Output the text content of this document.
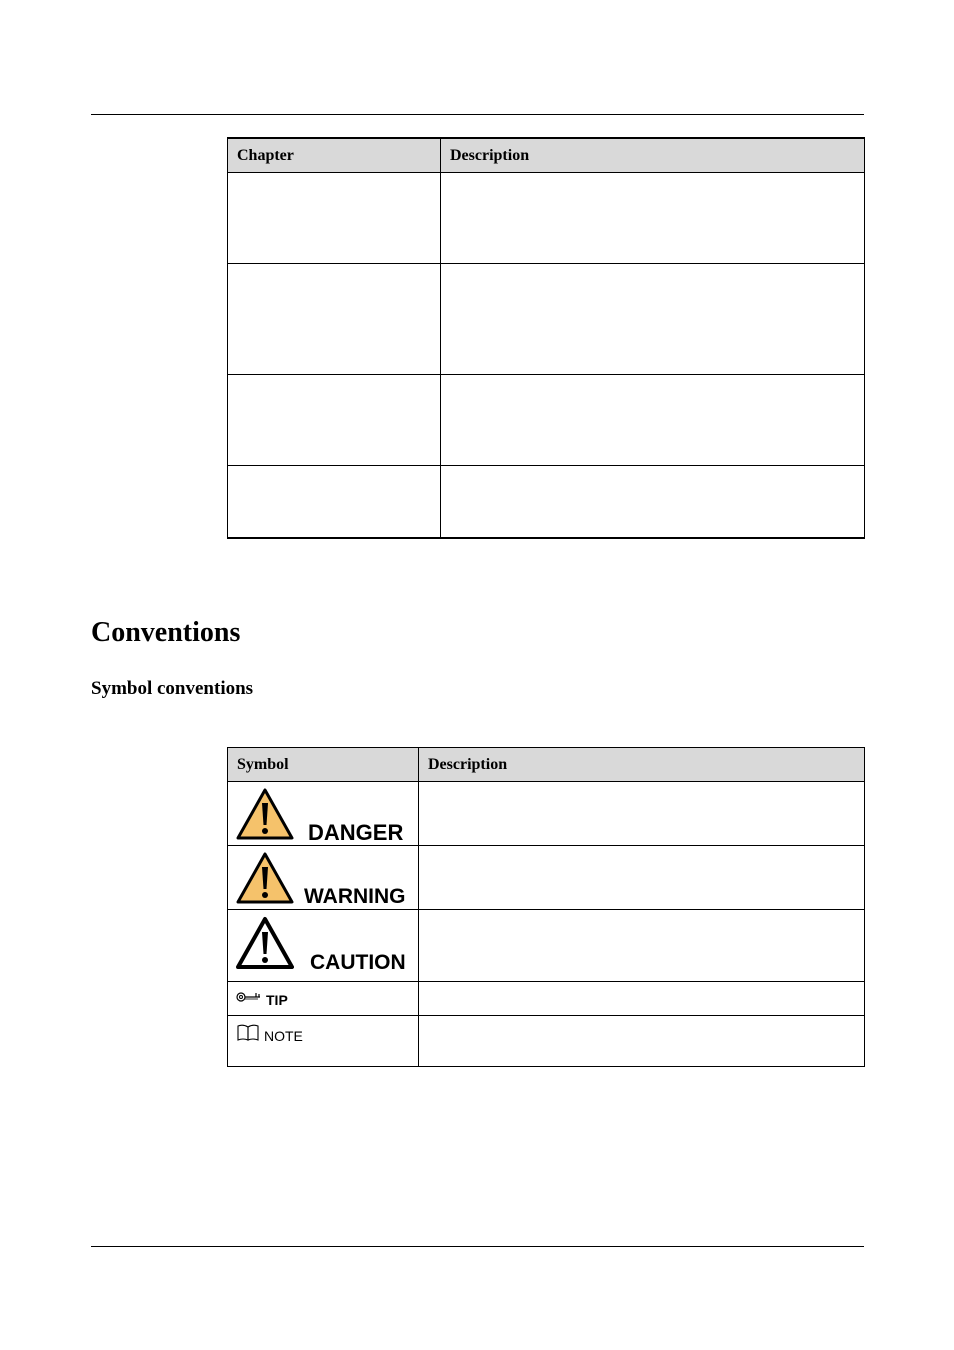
Chapter	Description

Conventions
Symbol conventions
Symbol	Description

DANGER	

WARNING	

CAUTION	

TIP	

NOTE	
